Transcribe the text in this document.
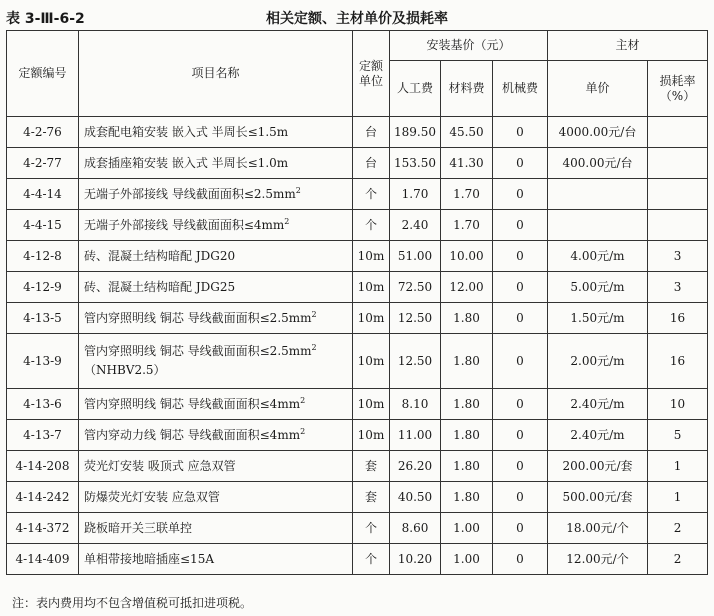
表 3-Ⅲ-6-2	相关定额、主材单价及损耗率
定额编号	项目名称	定额
单位	安装基价（元）			主材	
			人工费	材料费	机械费	单价	损耗率
（%）

4-2-76	成套配电箱安装 嵌入式 半周长≤1.5m	台	189.50	45.50	0	4000.00元/台	
4-2-77	成套插座箱安装 嵌入式 半周长≤1.0m	台	153.50	41.30	0	400.00元/台	
4-4-14	无端子外部接线 导线截面面积$\le 2.5mm^2$	个	1.70	1.70	0		
4-4-15	无端子外部接线 导线截面面积$\le 4mm^2$	个	2.40	1.70	0		
4-12-8	砖、混凝土结构暗配 JDG20	10m	51.00	10.00	0	4.00元/m	3
4-12-9	砖、混凝土结构暗配 JDG25	10m	72.50	12.00	0	5.00元/m	3
4-13-5	管内穿照明线 铜芯 导线截面面积$\le 2.5mm^2$	10m	12.50	1.80	0	1.50元/m	16
4-13-9	管内穿照明线 铜芯 导线截面面积$\le 2.5mm^2$
（NHBV2.5）	10m	12.50	1.80	0	2.00元/m	16
4-13-6	管内穿照明线 铜芯 导线截面面积$\le 4mm^2$	10m	8.10	1.80	0	2.40元/m	10
4-13-7	管内穿动力线 铜芯 导线截面面积$\le 4mm^2$	10m	11.00	1.80	0	2.40元/m	5
4-14-208	荧光灯安装 吸顶式 应急双管	套	26.20	1.80	0	200.00元/套	1
4-14-242	防爆荧光灯安装 应急双管	套	40.50	1.80	0	500.00元/套	1
4-14-372	跷板暗开关三联单控	个	8.60	1.00	0	18.00元/个	2
4-14-409	单相带接地暗插座≤15A	个	10.20	1.00	0	12.00元/个	2
注：表内费用均不包含增值税可抵扣进项税。
